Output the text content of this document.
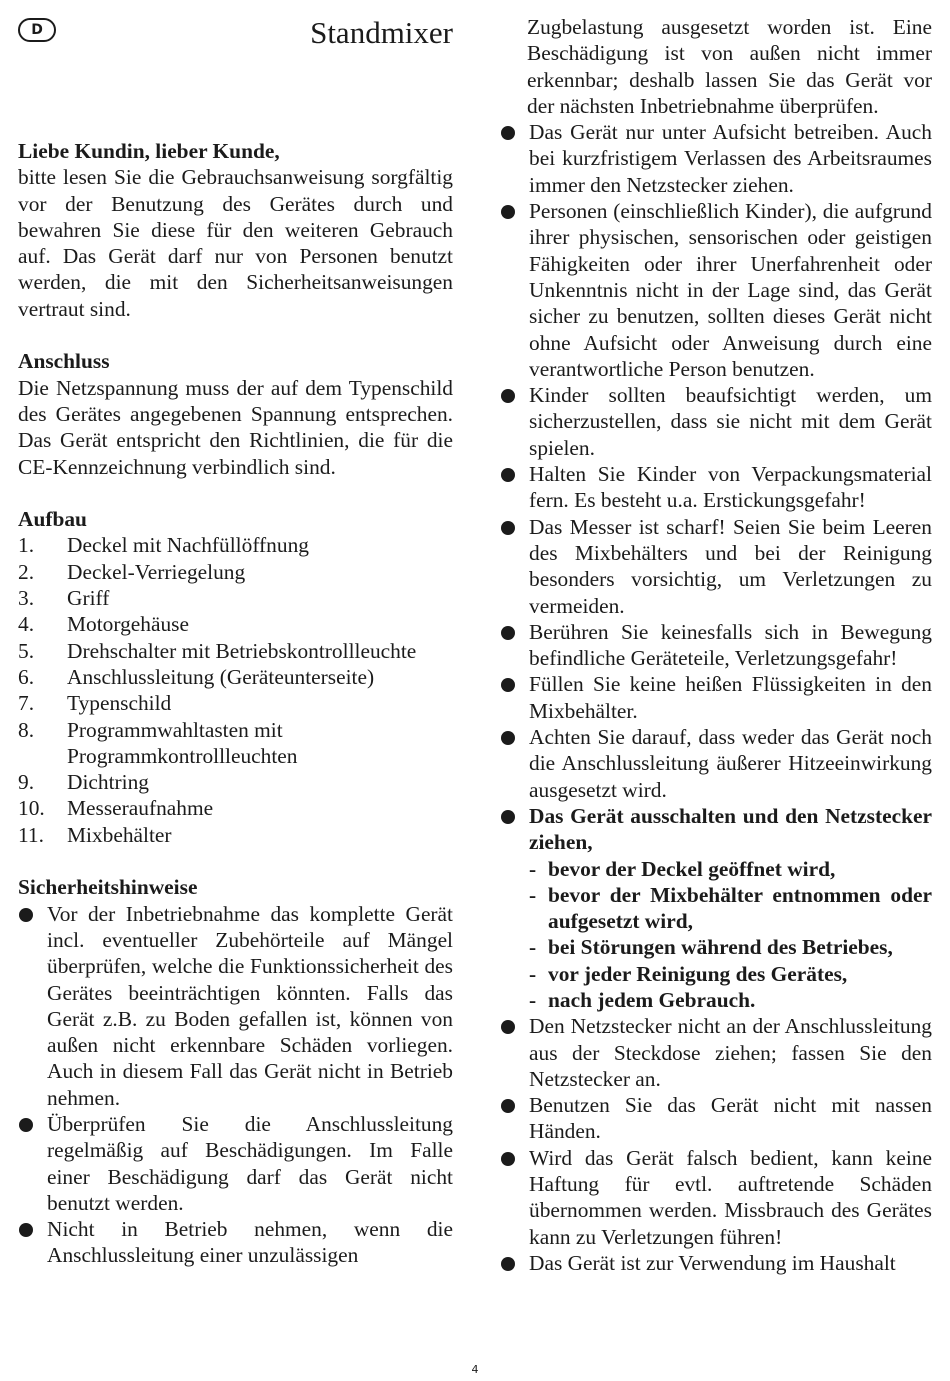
D	Standmixer

Liebe Kundin, lieber Kunde,

bitte lesen Sie die Gebrauchsanweisung sorgfältig vor der Benutzung des Gerätes durch und bewahren Sie diese für den weiteren Gebrauch auf. Das Gerät darf nur von Personen benutzt werden, die mit den Sicherheitsanweisungen vertraut sind.

Anschluss

Die Netzspannung muss der auf dem Typenschild des Gerätes angegebenen Spannung entsprechen. Das Gerät entspricht den Richtlinien, die für die CE-Kennzeichnung verbindlich sind.

Aufbau

1. Deckel mit Nachfüllöffnung
2. Deckel-Verriegelung
3. Griff
4. Motorgehäuse
5. Drehschalter mit Betriebskontrollleuchte
6. Anschlussleitung (Geräteunterseite)
7. Typenschild
8. Programmwahltasten mit Programmkontrollleuchten
9. Dichtring
10. Messeraufnahme
11. Mixbehälter

Sicherheitshinweise

Vor der Inbetriebnahme das komplette Gerät incl. eventueller Zubehörteile auf Mängel überprüfen, welche die Funktionssicherheit des Gerätes beeinträchtigen könnten. Falls das Gerät z.B. zu Boden gefallen ist, können von außen nicht erkennbare Schäden vorliegen. Auch in diesem Fall das Gerät nicht in Betrieb nehmen.
Überprüfen Sie die Anschlussleitung regelmäßig auf Beschädigungen. Im Falle einer Beschädigung darf das Gerät nicht benutzt werden.
Nicht in Betrieb nehmen, wenn die Anschlussleitung einer unzulässigen

Zugbelastung ausgesetzt worden ist. Eine Beschädigung ist von außen nicht immer erkennbar; deshalb lassen Sie das Gerät vor der nächsten Inbetriebnahme überprüfen.

Das Gerät nur unter Aufsicht betreiben. Auch bei kurzfristigem Verlassen des Arbeitsraumes immer den Netzstecker ziehen.
Personen (einschließlich Kinder), die aufgrund ihrer physischen, sensorischen oder geistigen Fähigkeiten oder ihrer Unerfahrenheit oder Unkenntnis nicht in der Lage sind, das Gerät sicher zu benutzen, sollten dieses Gerät nicht ohne Aufsicht oder Anweisung durch eine verantwortliche Person benutzen.
Kinder sollten beaufsichtigt werden, um sicherzustellen, dass sie nicht mit dem Gerät spielen.
Halten Sie Kinder von Verpackungsmaterial fern. Es besteht u.a. Erstickungsgefahr!
Das Messer ist scharf! Seien Sie beim Leeren des Mixbehälters und bei der Reinigung besonders vorsichtig, um Verletzungen zu vermeiden.
Berühren Sie keinesfalls sich in Bewegung befindliche Geräteteile, Verletzungsgefahr!
Füllen Sie keine heißen Flüssigkeiten in den Mixbehälter.
Achten Sie darauf, dass weder das Gerät noch die Anschlussleitung äußerer Hitzeeinwirkung ausgesetzt wird.
Das Gerät ausschalten und den Netzstecker ziehen,
- bevor der Deckel geöffnet wird,
- bevor der Mixbehälter entnommen oder aufgesetzt wird,
- bei Störungen während des Betriebes,
- vor jeder Reinigung des Gerätes,
- nach jedem Gebrauch.
Den Netzstecker nicht an der Anschlussleitung aus der Steckdose ziehen; fassen Sie den Netzstecker an.
Benutzen Sie das Gerät nicht mit nassen Händen.
Wird das Gerät falsch bedient, kann keine Haftung für evtl. auftretende Schäden übernommen werden. Missbrauch des Gerätes kann zu Verletzungen führen!
Das Gerät ist zur Verwendung im Haushalt
4
